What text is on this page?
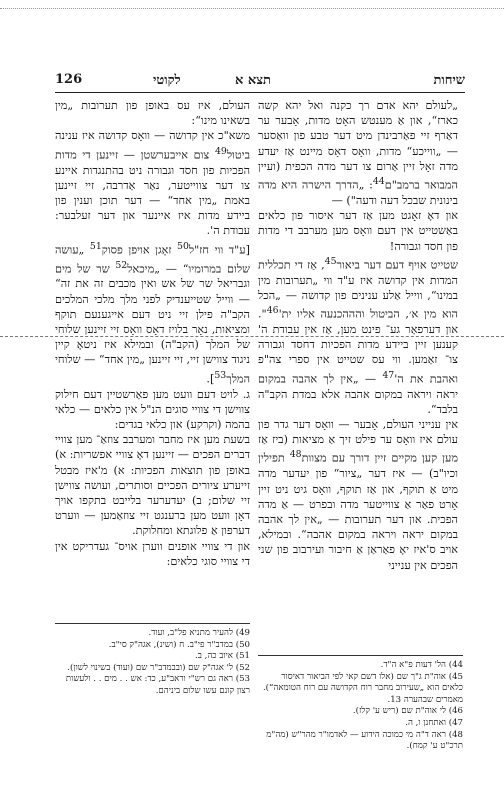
126	לקוטי	תצא א	שיחות

„לעולם יהא אדם רך כקנה ואל יהא קשה כארז“, און אַ מענטש האָט מדות, אָבער ער דאַרף זיי פאַרבינדן מיט דער טבע פון וואַסער — „ווייכע“ מדות, וואָס דאָס מיינט אַז יעדע מדה זאָל זיין אַרום צו דער מדה הכפית (ועיין המבואר ברמב"ם$^{44}$: „הדרך הישרה היא מדה בינונית שבכל דעה ודעה") —

און דאָ זאָגט מען אַז דער איסור פון כלאים באַשטייט אין דעם וואָס מען מערבב די מדות פון חסד וגבורה!

שטייט אויף דעם דער ביאור$^{45}$, אַז די תכללית המדות אין קדושה איז ע"ד ווי „תערובות מין במינו“, ווייל אַלע ענינים פון קדושה — „הכל הוא מין א׳, הביטול והההכנעה אליו $ית'^{46}$". און דערפאַר גע־ פינט מען, אַז אין עבודת ה' קענען זיין ביידע מדות הפכיות דחסד וגבורה צו־ זאַמען. ווי עס שטייט אין ספרי צה"פ ואהבת את $ה'^{47}$ — „אין לך אהבה במקום יראה ויראה במקום אהבה אלא במדת הקב"ה בלבד“.

אין ענייני העולם, אָבער — וואָס דער גדר פון עולם איז וואָס ער פילט זיך אַ מציאות (ביז אַז מען קען מקיים זיין דורך עם מצוות$^{48}$ תפילין וכיו"ב) — איז דער „ציור“ פון יעדער מדה מיט אַ תוקף, און אַז תוקף, וואָס גיט ניט זיין אָרט פאַר אַ צווייטער מדה ובפרט — אַ מדה הפכית. און דער תערובות — „אין לך אהבה במקום יראה ויראה במקום אהבה“. ובמילא, אויב ס'איז יאָ פאַראַן אַ חיבור ועירבוב פון שני הפכים אין ענייני

העולם, איז עס באופן פון תערובות „מין בשאינו מינו“:

משא"כ אין קדושה — וואָס קדושה איז ענינה ביטול$^{49}$ צום אייבערשטן — זיינען די מדות הפכיות פון חסד וגבורה ניט בהתנגדות איינע צו דער צווייטער, נאַר אַדרבה, זיי זיינען באמת „מין אחד“ — דער תוכן וענין פון ביידע מדות איז איינער און דער זעלבער: עבודת ה'.

[ע"ד ווי חז"ל$^{50}$ זאָגן אויפן פסוק$^{51}$ „עושה שלום במרומיו“ — „מיכאל$^{52}$ שר של מים וגבריאל שר של אש ואין מכבים זה את זה“ — ווייל שטייענדיק לפני מלך מלכי המלכים הקב"ה פילן זיי ניט דעם אייגענעם תוקף ומציאות, נאָר בלויז דאָס וואָס זיי זיינען שלוחי של המלך (הקב"ה) ובמילא איז ניטאָ קיין ניגוד צווישן זיי, זיי זיינען „מין אחד“ — שלוחי המלך$^{53}$].

ג. לויט דעם וועט מען פאַרשטיין דעם חילוק צווישן די צוויי סוגים הנ"ל אין כלאים — כלאי בהמה (וקרקע) און כלאי בגדים:

בשעת מען איז מחבר ומערבב צוזאַ־ מען צוויי דברים הפכים — זיינען דאָ צוויי אפשריות: א) באופן פון תוצאות הפכיות: א) מ'איז מבטל זייערע ציורים הפכיים וסותרים, ועושה צווישן זיי שלום; ב) יעדערער בלייבט בתקפו אויך דאָן וועט מען ברענגט זיי צוזאַמען — ווערט דערפון אַ פלוגתא ומחלוקת.

און די צוויי אופנים ווערן אויס־ געדריקט אין די צוויי סוגי כלאים:

44) הל' דעות פ"א ה"ד.
45) אוה"ת ג"ך שם (אלו דשם קאי לפי הביאור דאיסור כלאים הוא „שעירוב מחבר רוח הקדושה עם רוח הטומאה“). מאמרים שבהערה 13.
46) לי אוה"ת שם (ריש ע' קלז).
47) ואתחנן ו, ה.
48) ראה ד"ה מי כמוכה הידוע — לאדמו"ר מהר"ש (מה"מ תרכ"ט ע' קמח).
49) להעיר מתניא פל"ב, ועוד.
50) במדב"ר פי"ב. ח (ושינ), אגה"ק סי"ב.
51) איוב כה, ב.
52) ל' אגה"ק שם (ובבמדב"ר שם (ועוד) בשינוי לשון).
53) ראה גם רש"י וראב"ע, כד: אש . . מים . . ולעשות רצון קונם עשו שלום ביניהם.
